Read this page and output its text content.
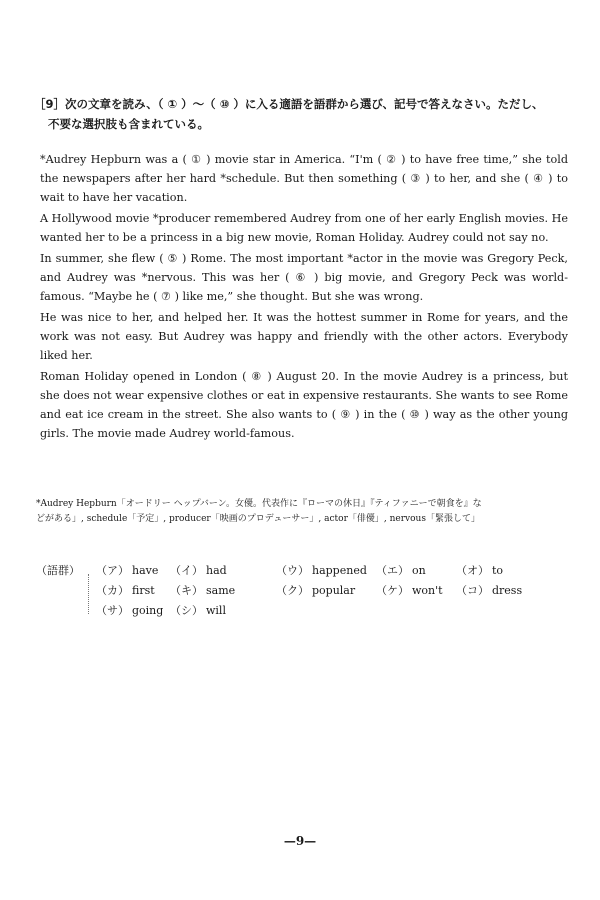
［9］次の文章を読み、（ ① ）～（ ⑩ ）に入る適語を語群から選び、記号で答えなさい。ただし、
不要な選択肢も含まれている。

*Audrey Hepburn was a ( ① ) movie star in America. “I'm ( ② ) to have free time,” she told the newspapers after her hard *schedule. But then something ( ③ ) to her, and she ( ④ ) to wait to have her vacation.

A Hollywood movie *producer remembered Audrey from one of her early English movies. He wanted her to be a princess in a big new movie, Roman Holiday. Audrey could not say no.

In summer, she flew ( ⑤ ) Rome. The most important *actor in the movie was Gregory Peck, and Audrey was *nervous. This was her ( ⑥ ) big movie, and Gregory Peck was world-famous. “Maybe he ( ⑦ ) like me,” she thought. But she was wrong.

He was nice to her, and helped her. It was the hottest summer in Rome for years, and the work was not easy. But Audrey was happy and friendly with the other actors. Everybody liked her.

Roman Holiday opened in London ( ⑧ ) August 20. In the movie Audrey is a princess, but she does not wear expensive clothes or eat in expensive restaurants. She wants to see Rome and eat ice cream in the street. She also wants to ( ⑨ ) in the ( ⑩ ) way as the other young girls. The movie made Audrey world-famous.

*Audrey Hepburn「オードリー ヘップバーン。女優。代表作に『ローマの休日』『ティファニーで朝食を』な
どがある」, schedule「予定」, producer「映画のプロデューサー」, actor「俳優」, nervous「緊張して」
（語群）	（ア） have （イ） had	（ウ） happened （エ） on	（オ） to
（カ） first （キ） same	（ク） popular （ケ） won't （コ） dress
（サ） going （シ） will
—9—
